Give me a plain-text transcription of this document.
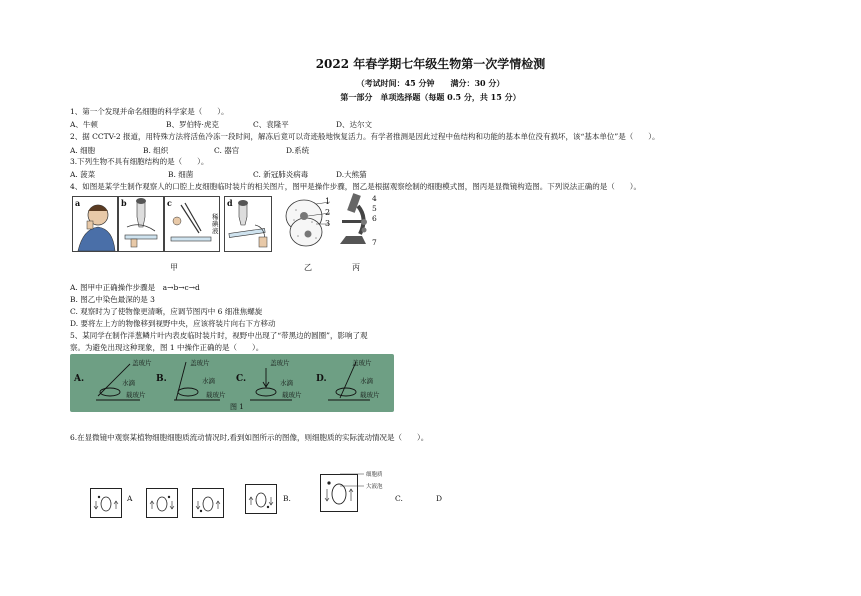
2022 年春学期七年级生物第一次学情检测
（考试时间：45 分钟　　满分：30 分）
第一部分　单项选择题（每题 0.5 分，共 15 分）
1、第一个发现并命名细胞的科学家是（　　）。
A、牛顿	B、罗伯特·虎克	C、袁隆平	D、达尔文
2、据 CCTV-2 报道，用特殊方法将活鱼冷冻一段时间，解冻后竟可以奇迹般地恢复活力。有学者推测是因此过程中鱼结构和功能的基本单位没有损坏，该“基本单位”是（　　）。
A. 细胞	B. 组织	C. 器官	D.系统
3.下列生物不具有细胞结构的是（　　）。
A. 菠菜	B. 细菌	C. 新冠肺炎病毒	D.大熊猫
4、如图是某学生制作观察人的口腔上皮细胞临时装片的相关图片，图甲是操作步骤，图乙是根据观察绘制的细胞模式图，图丙是显微镜构造图。下列说法正确的是（　　）。
a	b	c
稀碘液
d
甲
1
2
3
乙
4
5
6
7
丙
A. 图甲中正确操作步骤是　a→b→c→d
B. 图乙中染色最深的是 3
C. 观察时为了使物像更清晰，应调节图丙中 6 细准焦螺旋
D. 要将左上方的物像移到视野中央，应该将装片向右下方移动
5、某同学在制作洋葱鳞片叶内表皮临时装片时，视野中出现了“带黑边的圆圈”，影响了观
察。为避免出现这种现象，图 1 中操作正确的是（　　）。
A.	B.	C.	D.
盖玻片
水滴
载玻片
盖玻片
水滴
载玻片
盖玻片
水滴
载玻片
盖玻片
水滴
载玻片
图 1
6.在显微镜中观察某植物细胞细胞质流动情况时,看到如图所示的图像，则细胞质的实际流动情况是（　　）。
A	B.
细胞质
大液泡
C.	D
